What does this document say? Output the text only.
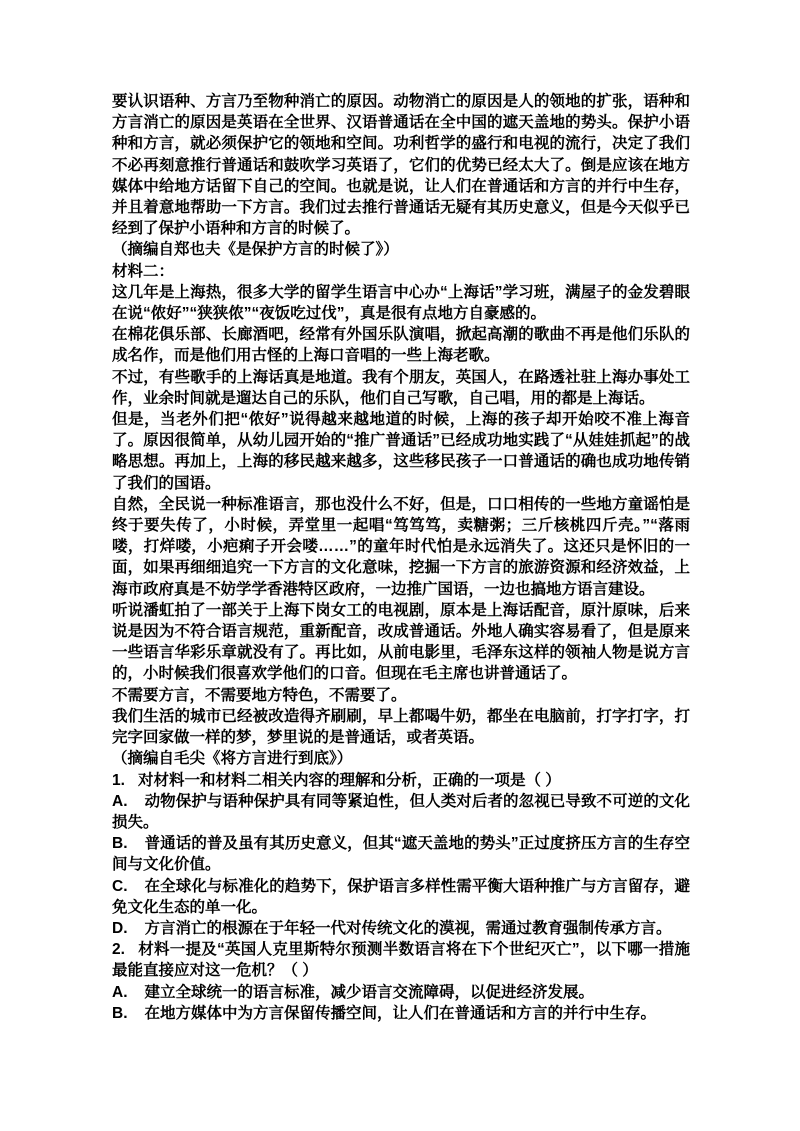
要认识语种、方言乃至物种消亡的原因。动物消亡的原因是人的领地的扩张，语种和方言消亡的原因是英语在全世界、汉语普通话在全中国的遮天盖地的势头。保护小语种和方言，就必须保护它的领地和空间。功利哲学的盛行和电视的流行，决定了我们不必再刻意推行普通话和鼓吹学习英语了，它们的优势已经太大了。倒是应该在地方媒体中给地方话留下自己的空间。也就是说，让人们在普通话和方言的并行中生存，并且着意地帮助一下方言。我们过去推行普通话无疑有其历史意义，但是今天似乎已经到了保护小语种和方言的时候了。

（摘编自郑也夫《是保护方言的时候了》）

材料二：

这几年是上海热，很多大学的留学生语言中心办“上海话”学习班，满屋子的金发碧眼在说“侬好”“狭狭侬”“夜饭吃过伐”，真是很有点地方自豪感的。

在棉花俱乐部、长廊酒吧，经常有外国乐队演唱，掀起高潮的歌曲不再是他们乐队的成名作，而是他们用古怪的上海口音唱的一些上海老歌。

不过，有些歌手的上海话真是地道。我有个朋友，英国人，在路透社驻上海办事处工作，业余时间就是遛达自己的乐队，他们自己写歌，自己唱，用的都是上海话。

但是，当老外们把“侬好”说得越来越地道的时候，上海的孩子却开始咬不准上海音了。原因很简单，从幼儿园开始的“推广普通话”已经成功地实践了“从娃娃抓起”的战略思想。再加上，上海的移民越来越多，这些移民孩子一口普通话的确也成功地传销了我们的国语。

自然，全民说一种标准语言，那也没什么不好，但是，口口相传的一些地方童谣怕是终于要失传了，小时候，弄堂里一起唱“笃笃笃，卖糖粥；三斤核桃四斤壳。”“落雨喽，打烊喽，小疤痢子开会喽……”的童年时代怕是永远消失了。这还只是怀旧的一面，如果再细细追究一下方言的文化意味，挖掘一下方言的旅游资源和经济效益，上海市政府真是不妨学学香港特区政府，一边推广国语，一边也搞地方语言建设。

听说潘虹拍了一部关于上海下岗女工的电视剧，原本是上海话配音，原汁原味，后来说是因为不符合语言规范，重新配音，改成普通话。外地人确实容易看了，但是原来一些语言华彩乐章就没有了。再比如，从前电影里，毛泽东这样的领袖人物是说方言的，小时候我们很喜欢学他们的口音。但现在毛主席也讲普通话了。

不需要方言，不需要地方特色，不需要了。

我们生活的城市已经被改造得齐刷刷，早上都喝牛奶，都坐在电脑前，打字打字，打完字回家做一样的梦，梦里说的是普通话，或者英语。

（摘编自毛尖《将方言进行到底》）

1. 对材料一和材料二相关内容的理解和分析，正确的一项是（ ）

A. 动物保护与语种保护具有同等紧迫性，但人类对后者的忽视已导致不可逆的文化损失。

B. 普通话的普及虽有其历史意义，但其“遮天盖地的势头”正过度挤压方言的生存空间与文化价值。

C. 在全球化与标准化的趋势下，保护语言多样性需平衡大语种推广与方言留存，避免文化生态的单一化。

D. 方言消亡的根源在于年轻一代对传统文化的漠视，需通过教育强制传承方言。

2. 材料一提及“英国人克里斯特尔预测半数语言将在下个世纪灭亡”，以下哪一措施最能直接应对这一危机？（ ）

A. 建立全球统一的语言标准，减少语言交流障碍，以促进经济发展。

B. 在地方媒体中为方言保留传播空间，让人们在普通话和方言的并行中生存。
